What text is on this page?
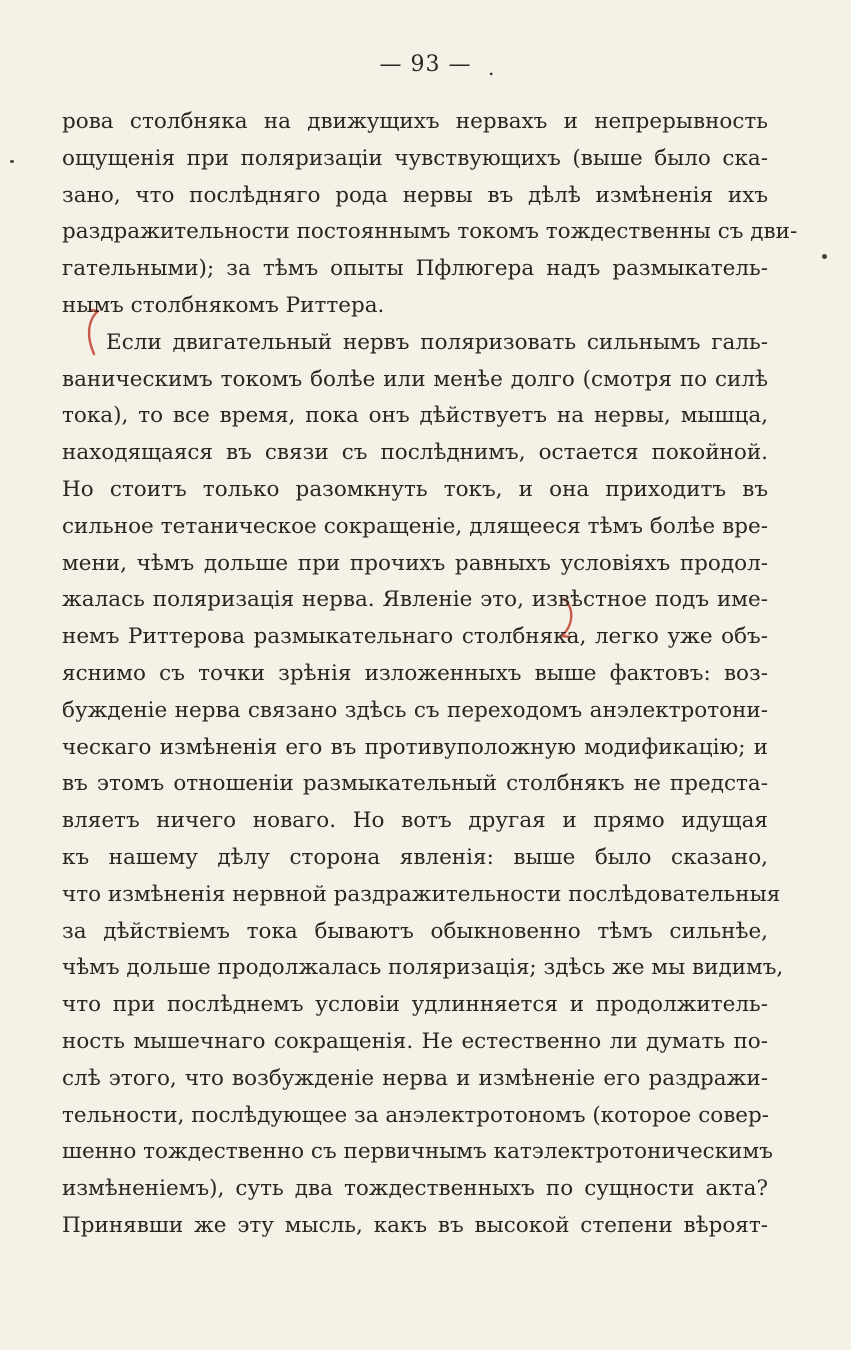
— 93 — .
рова столбняка на движущихъ нервахъ и непрерывность
ощущенія при поляризаціи чувствующихъ (выше было ска-
зано, что послѣдняго рода нервы въ дѣлѣ измѣненія ихъ
раздражительности постояннымъ токомъ тождественны съ дви-
гательными); за тѣмъ опыты Пфлюгера надъ размыкатель-
нымъ столбнякомъ Риттера.
Если двигательный нервъ поляризовать сильнымъ галь-
ваническимъ токомъ болѣе или менѣе долго (смотря по силѣ
тока), то все время, пока онъ дѣйствуетъ на нервы, мышца,
находящаяся въ связи съ послѣднимъ, остается покойной.
Но стоитъ только разомкнуть токъ, и она приходитъ въ
сильное тетаническое сокращеніе, длящееся тѣмъ болѣе вре-
мени, чѣмъ дольше при прочихъ равныхъ условіяхъ продол-
жалась поляризація нерва. Явленіе это, извѣстное подъ име-
немъ Риттерова размыкательнаго столбняка, легко уже объ-
яснимо съ точки зрѣнія изложенныхъ выше фактовъ: воз-
бужденіе нерва связано здѣсь съ переходомъ анэлектротони-
ческаго измѣненія его въ противуположную модификацію; и
въ этомъ отношеніи размыкательный столбнякъ не предста-
вляетъ ничего новаго. Но вотъ другая и прямо идущая
къ нашему дѣлу сторона явленія: выше было сказано,
что измѣненія нервной раздражительности послѣдовательныя
за дѣйствіемъ тока бываютъ обыкновенно тѣмъ сильнѣе,
чѣмъ дольше продолжалась поляризація; здѣсь же мы видимъ,
что при послѣднемъ условіи удлинняется и продолжитель-
ность мышечнаго сокращенія. Не естественно ли думать по-
слѣ этого, что возбужденіе нерва и измѣненіе его раздражи-
тельности, послѣдующее за анэлектротономъ (которое совер-
шенно тождественно съ первичнымъ катэлектротоническимъ
измѣненіемъ), суть два тождественныхъ по сущности акта?
Принявши же эту мысль, какъ въ высокой степени вѣроят-
